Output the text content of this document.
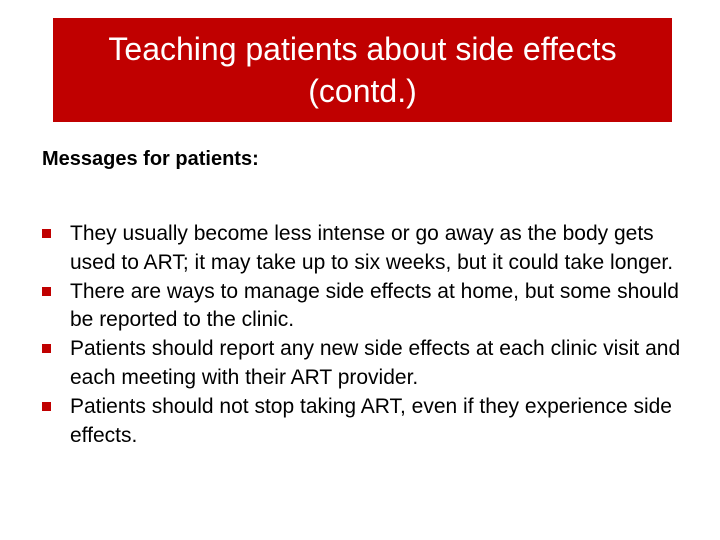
Teaching patients about side effects (contd.)

Messages for patients:

They usually become less intense or go away as the body gets used to ART; it may take up to six weeks, but it could take longer.
There are ways to manage side effects at home, but some should be reported to the clinic.
Patients should report any new side effects at each clinic visit and each meeting with their ART provider.
Patients should not stop taking ART, even if they experience side effects.
